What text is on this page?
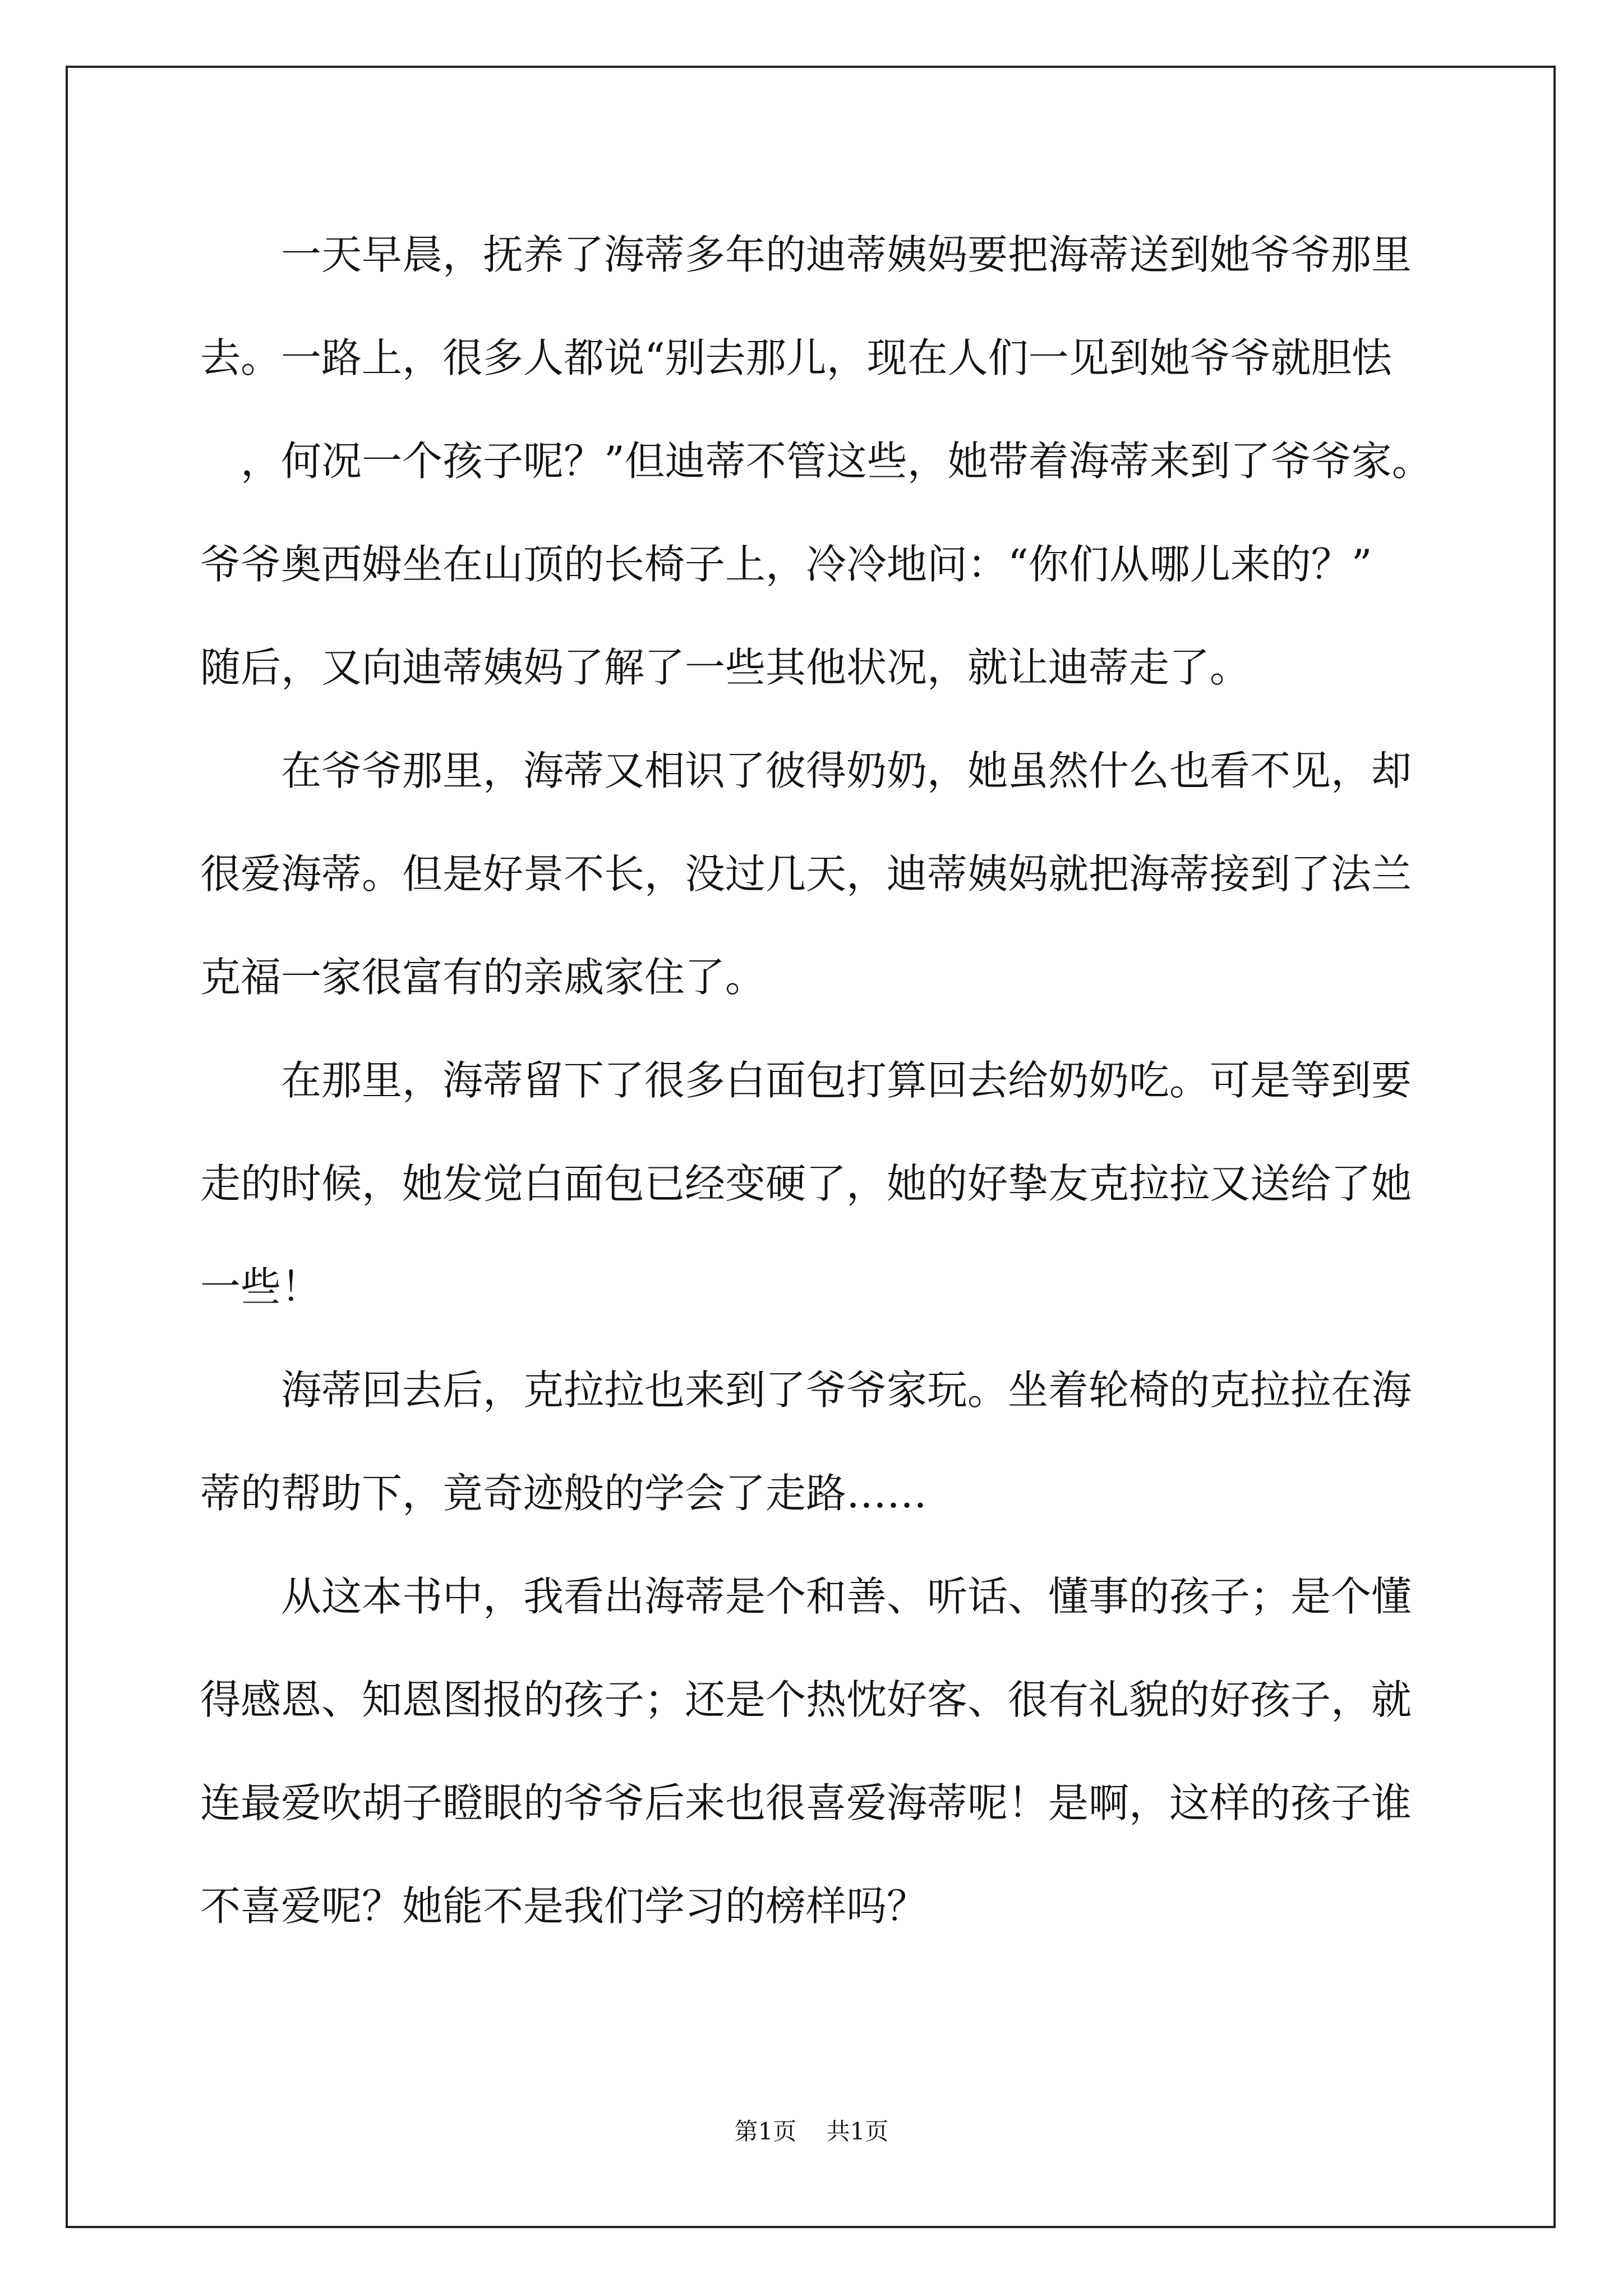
　　一天早晨，抚养了海蒂多年的迪蒂姨妈要把海蒂送到她爷爷那里
去。一路上，很多人都说“别去那儿，现在人们一见到她爷爷就胆怯
　，何况一个孩子呢？”但迪蒂不管这些，她带着海蒂来到了爷爷家。
爷爷奥西姆坐在山顶的长椅子上，冷冷地问：“你们从哪儿来的？”
随后，又向迪蒂姨妈了解了一些其他状况，就让迪蒂走了。
　　在爷爷那里，海蒂又相识了彼得奶奶，她虽然什么也看不见，却
很爱海蒂。但是好景不长，没过几天，迪蒂姨妈就把海蒂接到了法兰
克福一家很富有的亲戚家住了。
　　在那里，海蒂留下了很多白面包打算回去给奶奶吃。可是等到要
走的时候，她发觉白面包已经变硬了，她的好挚友克拉拉又送给了她
一些！
　　海蒂回去后，克拉拉也来到了爷爷家玩。坐着轮椅的克拉拉在海
蒂的帮助下，竟奇迹般的学会了走路……
　　从这本书中，我看出海蒂是个和善、听话、懂事的孩子；是个懂
得感恩、知恩图报的孩子；还是个热忱好客、很有礼貌的好孩子，就
连最爱吹胡子瞪眼的爷爷后来也很喜爱海蒂呢！是啊，这样的孩子谁
不喜爱呢？她能不是我们学习的榜样吗？
第1页 共1页
